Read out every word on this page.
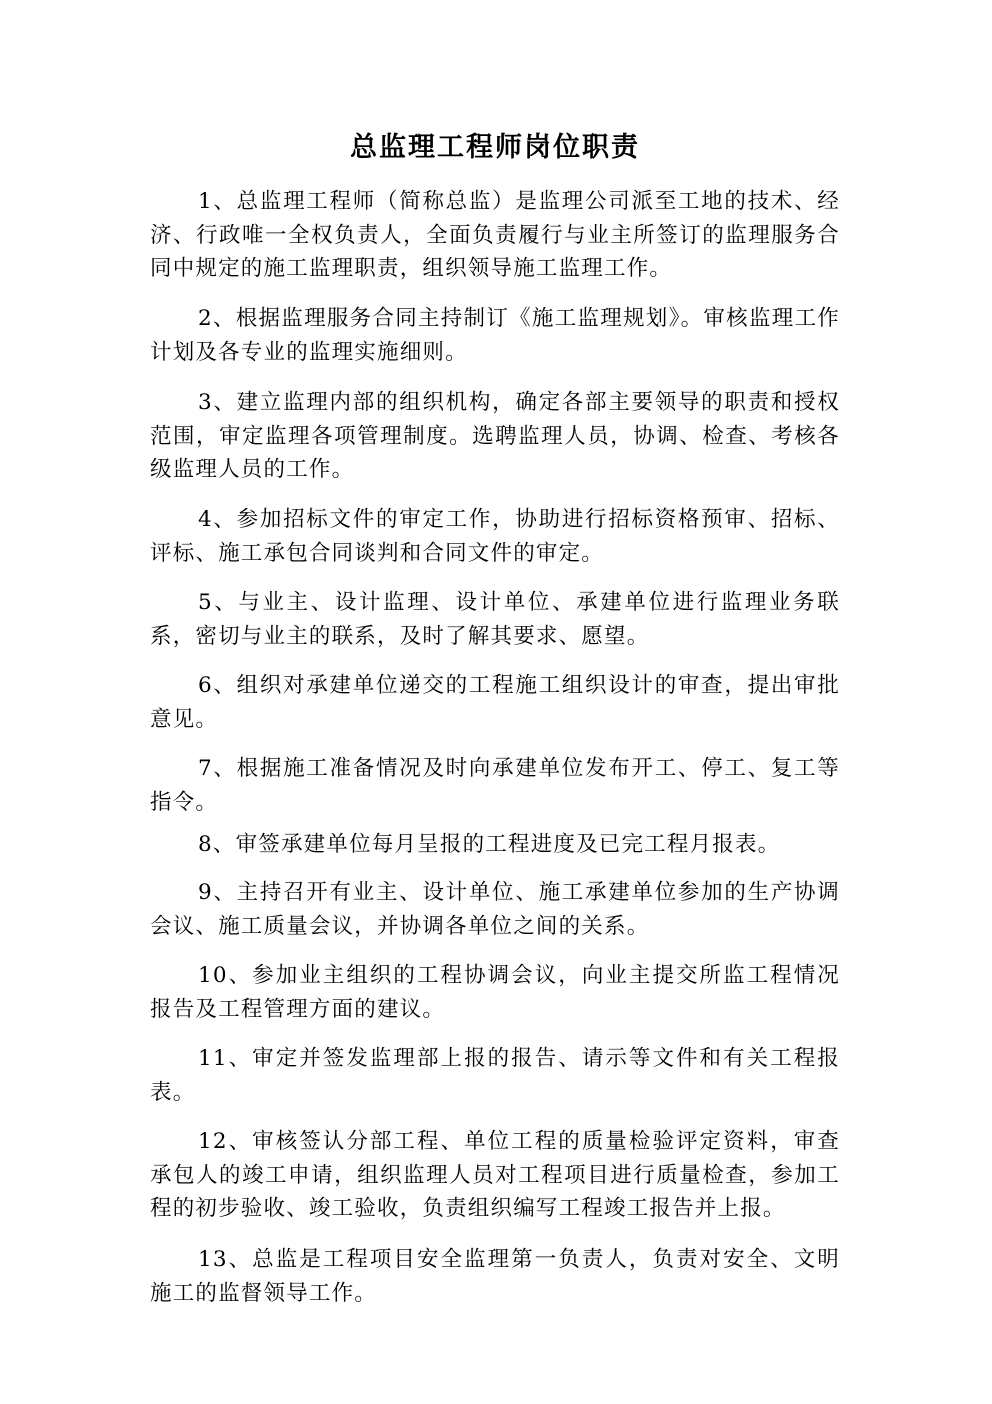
总监理工程师岗位职责

1、总监理工程师（简称总监）是监理公司派至工地的技术、经济、行政唯一全权负责人，全面负责履行与业主所签订的监理服务合同中规定的施工监理职责，组织领导施工监理工作。

2、根据监理服务合同主持制订《施工监理规划》。审核监理工作计划及各专业的监理实施细则。

3、建立监理内部的组织机构，确定各部主要领导的职责和授权范围，审定监理各项管理制度。选聘监理人员，协调、检查、考核各级监理人员的工作。

4、参加招标文件的审定工作，协助进行招标资格预审、招标、评标、施工承包合同谈判和合同文件的审定。

5、与业主、设计监理、设计单位、承建单位进行监理业务联系，密切与业主的联系，及时了解其要求、愿望。

6、组织对承建单位递交的工程施工组织设计的审查，提出审批意见。

7、根据施工准备情况及时向承建单位发布开工、停工、复工等指令。

8、审签承建单位每月呈报的工程进度及已完工程月报表。

9、主持召开有业主、设计单位、施工承建单位参加的生产协调会议、施工质量会议，并协调各单位之间的关系。

10、参加业主组织的工程协调会议，向业主提交所监工程情况报告及工程管理方面的建议。

11、审定并签发监理部上报的报告、请示等文件和有关工程报表。

12、审核签认分部工程、单位工程的质量检验评定资料，审查承包人的竣工申请，组织监理人员对工程项目进行质量检查，参加工程的初步验收、竣工验收，负责组织编写工程竣工报告并上报。

13、总监是工程项目安全监理第一负责人，负责对安全、文明施工的监督领导工作。
